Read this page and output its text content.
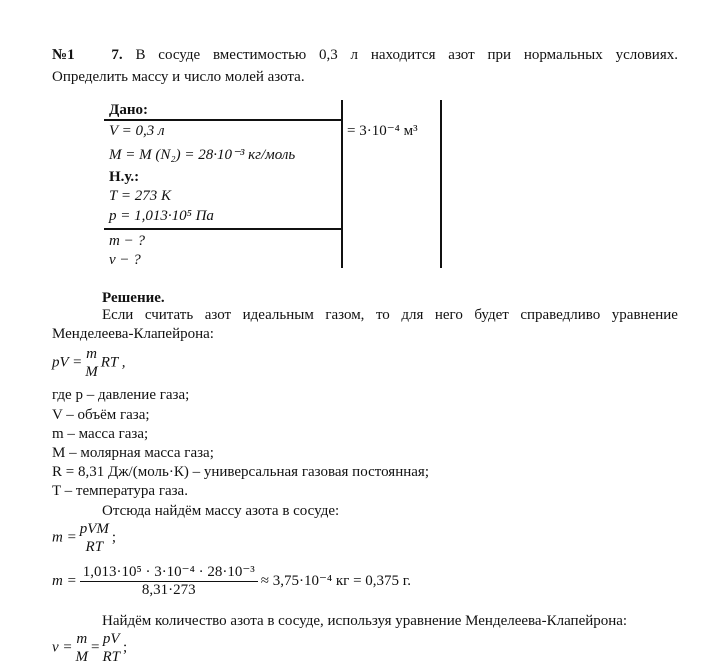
№1 7. В сосуде вместимостью 0,3 л находится азот при нормальных условиях.
Определить массу и число молей азота.
Дано:
V = 0,3 л
M = M (N₂) = 28·10⁻³ кг/моль
Н.у.:
T = 273 К
p = 1,013·10⁵ Па
m − ?
ν − ?
= 3·10⁻⁴ м³
Решение.
Если считать азот идеальным газом, то для него будет справедливо уравнение
Менделеева-Клапейрона:
pV =
m
M
RT ,
где p – давление газа;
V – объём газа;
m – масса газа;
M – молярная масса газа;
R = 8,31 Дж/(моль·К) – универсальная газовая постоянная;
T – температура газа.
Отсюда найдём массу азота в сосуде:
m =
pVM
RT
;
$m = \frac{\text{1,013·10⁵ · 3·10⁻⁴ · 28·10⁻³}}{8,31\cdot 273} \approx 3,75\cdot 10^{-4}$ кг = 0,375 г.
Найдём количество азота в сосуде, используя уравнение Менделеева-Клапейрона:
ν =
m
M
=
pV
RT
;
